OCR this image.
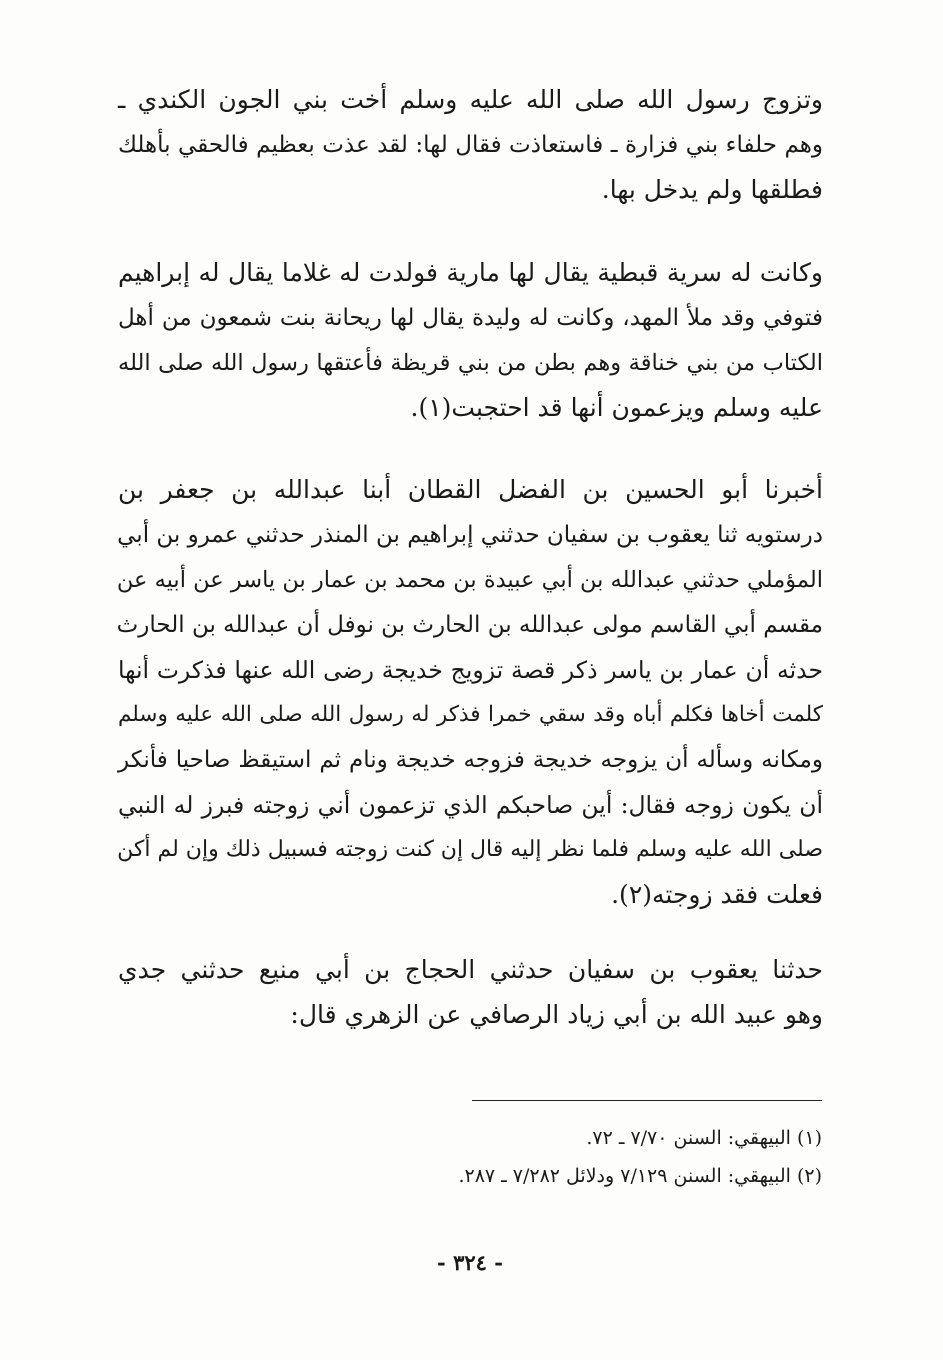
وتزوج رسول الله صلى الله عليه وسلم أخت بني الجون الكندي ـ
وهم حلفاء بني فزارة ـ فاستعاذت فقال لها: لقد عذت بعظيم فالحقي بأهلك
فطلقها ولم يدخل بها.
وكانت له سرية قبطية يقال لها مارية فولدت له غلاما يقال له إبراهيم
فتوفي وقد ملأ المهد، وكانت له وليدة يقال لها ريحانة بنت شمعون من أهل
الكتاب من بني خناقة وهم بطن من بني قريظة فأعتقها رسول الله صلى الله
عليه وسلم ويزعمون أنها قد احتجبت(١).
أخبرنا أبو الحسين بن الفضل القطان أبنا عبدالله بن جعفر بن
درستويه ثنا يعقوب بن سفيان حدثني إبراهيم بن المنذر حدثني عمرو بن أبي
المؤملي حدثني عبدالله بن أبي عبيدة بن محمد بن عمار بن ياسر عن أبيه عن
مقسم أبي القاسم مولى عبدالله بن الحارث بن نوفل أن عبدالله بن الحارث
حدثه أن عمار بن ياسر ذكر قصة تزويج خديجة رضى الله عنها فذكرت أنها
كلمت أخاها فكلم أباه وقد سقي خمرا فذكر له رسول الله صلى الله عليه وسلم
ومكانه وسأله أن يزوجه خديجة فزوجه خديجة ونام ثم استيقظ صاحيا فأنكر
أن يكون زوجه فقال: أين صاحبكم الذي تزعمون أني زوجته فبرز له النبي
صلى الله عليه وسلم فلما نظر إليه قال إن كنت زوجته فسبيل ذلك وإن لم أكن
فعلت فقد زوجته(٢).
حدثنا يعقوب بن سفيان حدثني الحجاج بن أبي منيع حدثني جدي
وهو عبيد الله بن أبي زياد الرصافي عن الزهري قال:
(١) البيهقي: السنن ٧/٧٠ ـ ٧٢.
(٢) البيهقي: السنن ٧/١٢٩ ودلائل ٧/٢٨٢ ـ ٢٨٧.
- ٣٢٤ -
